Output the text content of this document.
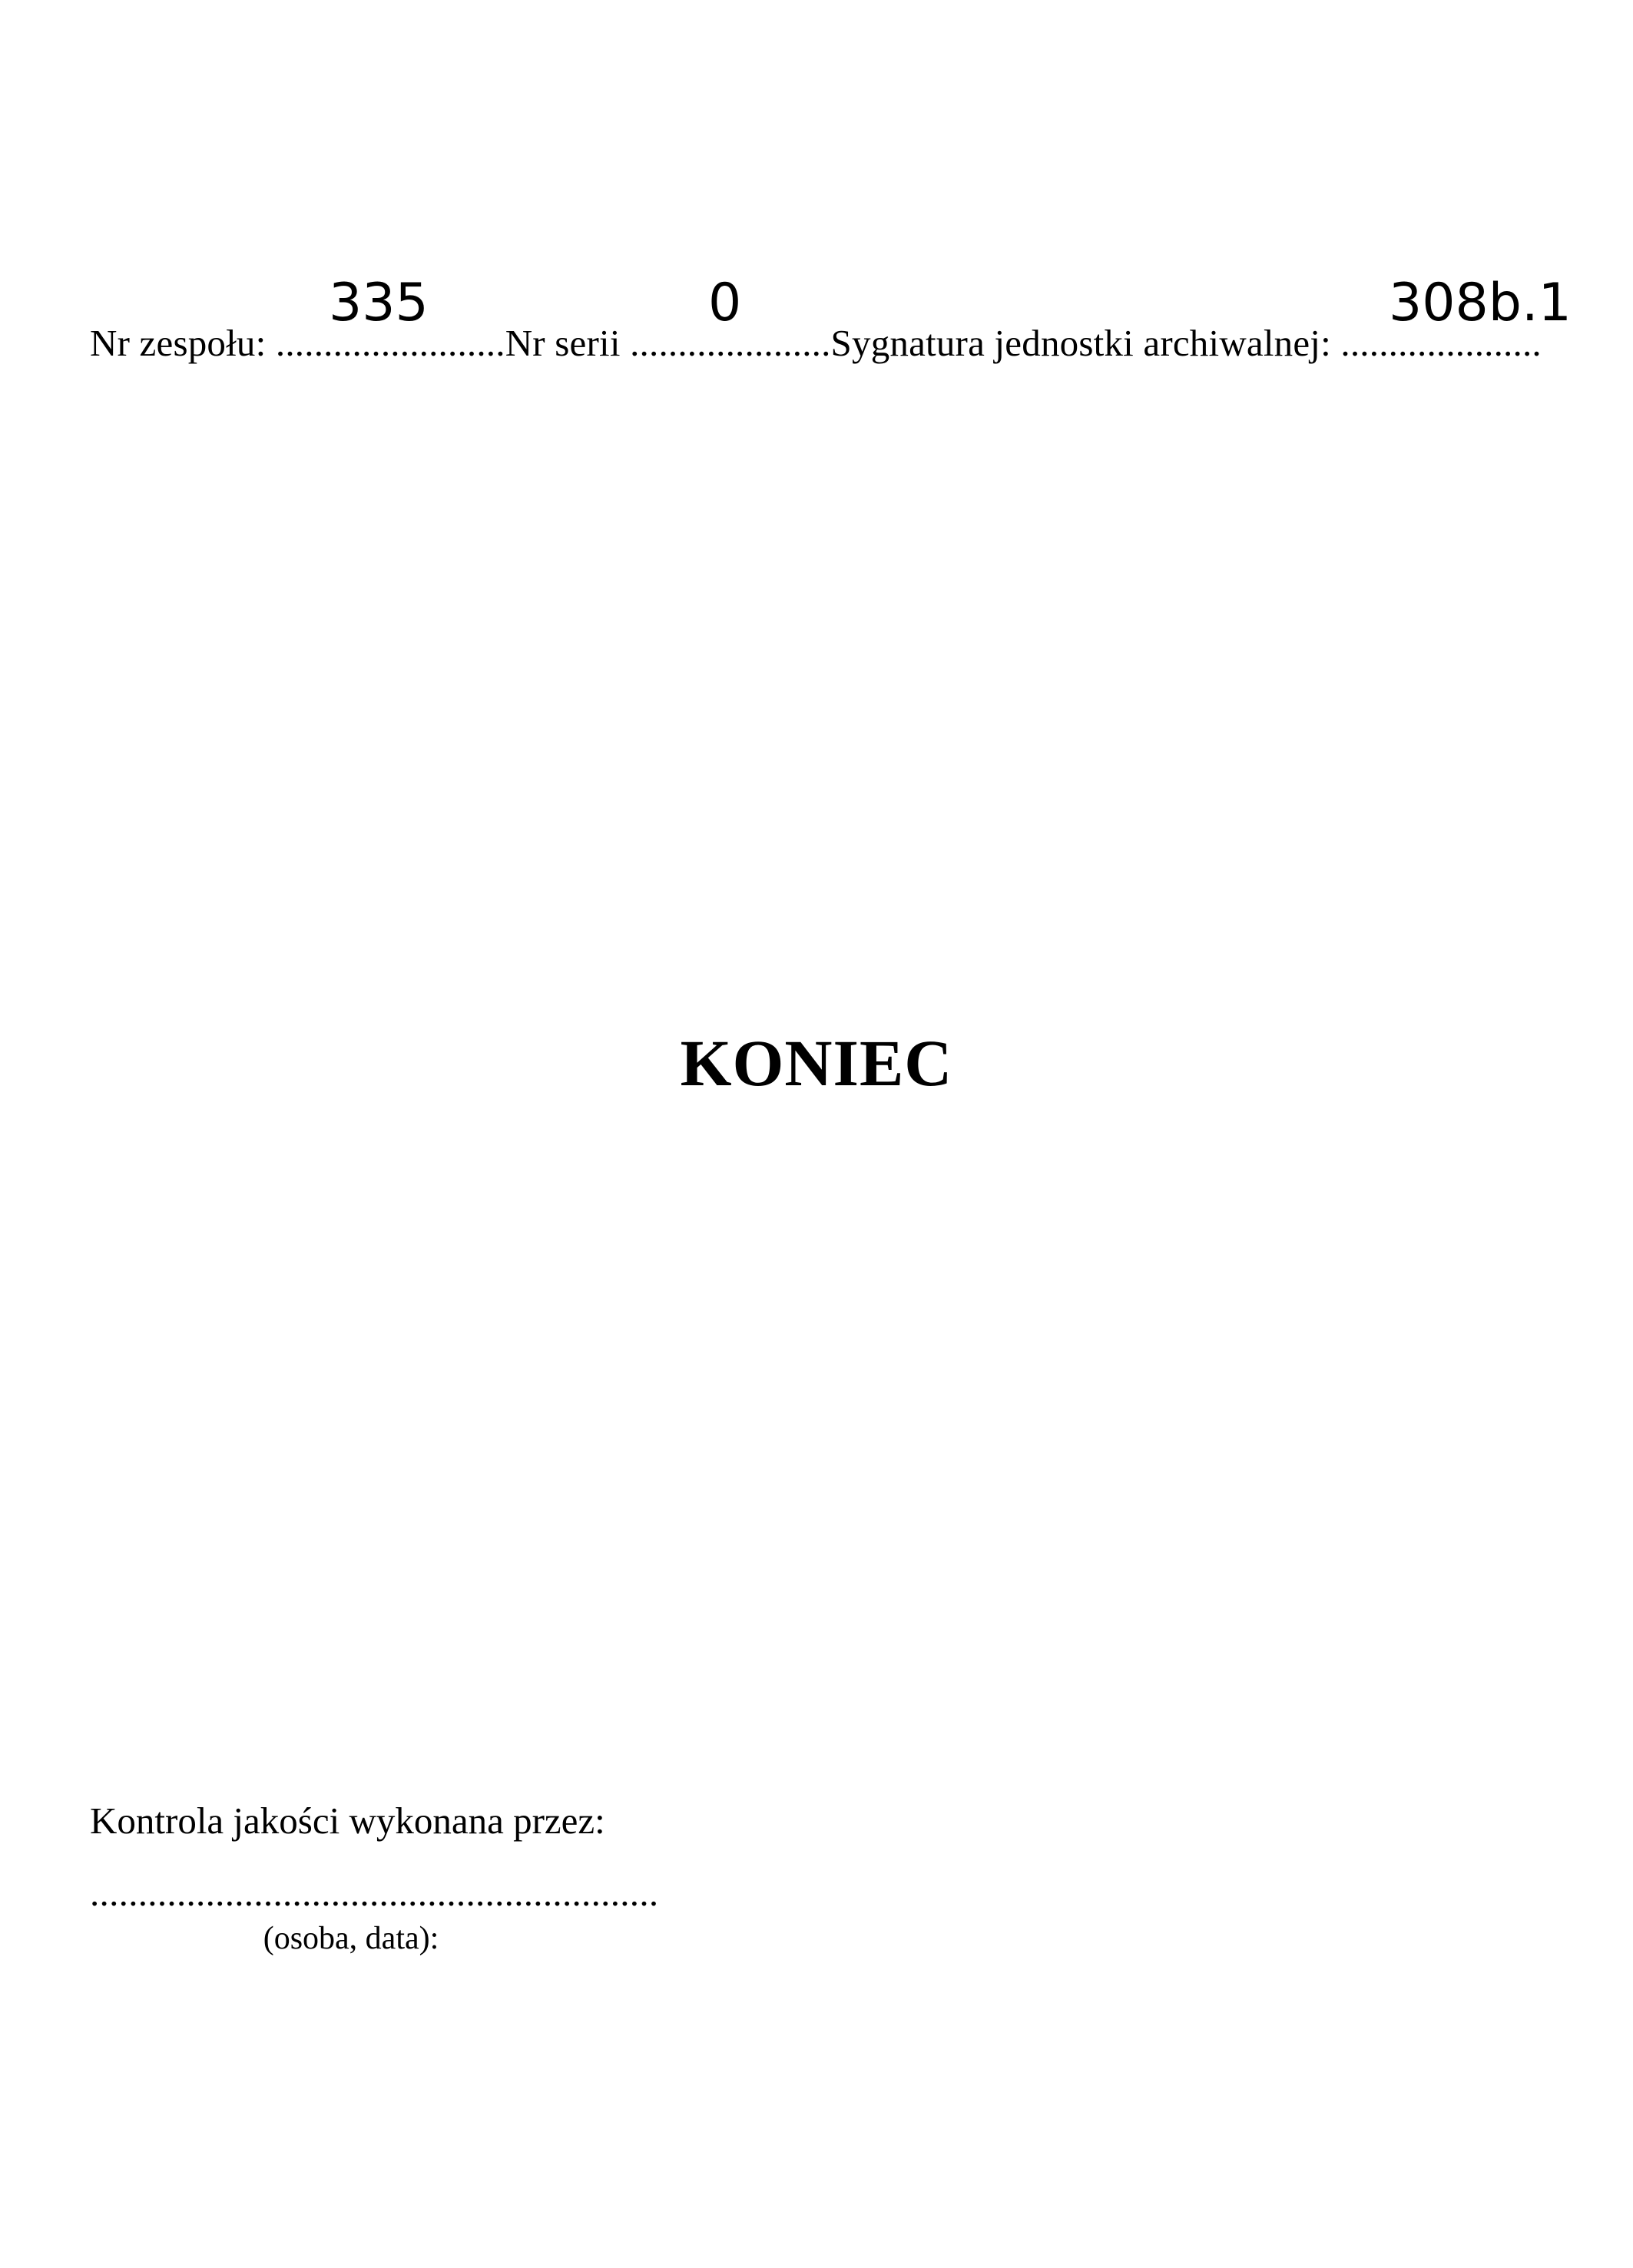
335	0	308b.1
Nr zespołu: ........................Nr serii .....................Sygnatura jednostki archiwalnej: .....................
KONIEC
Kontrola jakości wykonana przez:
...........................................................
(osoba, data):
